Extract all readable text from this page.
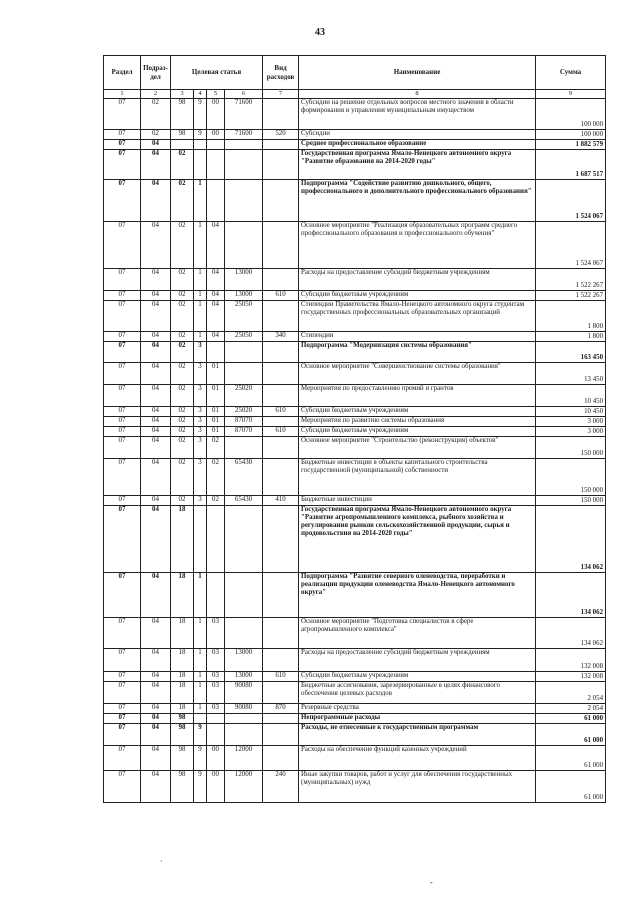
43
Раздел	Подраз-дел	Целевая статья				Вид расходов	Наименование	Сумма
1	2	3	4	5	6	7	8	9
07	02	98	9	00	71600		Субсидии на решение отдельных вопросов местного значения в области формирования и управления муниципальным имуществом	100 000
07	02	98	9	00	71600	520	Субсидии	100 000
07	04						Среднее профессиональное образование	1 882 579
07	04	02					Государственная программа Ямало-Ненецкого автономного округа "Развитие образования на 2014-2020 годы"	1 687 517
07	04	02	1				Подпрограмма "Содействие развитию дошкольного, общего, профессионального и дополнительного профессионального образования"	1 524 067
07	04	02	1	04			Основное мероприятие "Реализация образовательных программ среднего профессионального образования и профессионального обучения"	1 524 067
07	04	02	1	04	13000		Расходы на предоставление субсидий бюджетным учреждениям	1 522 267
07	04	02	1	04	13000	610	Субсидии бюджетным учреждениям	1 522 267
07	04	02	1	04	25050		Стипендии Правительства Ямало-Ненецкого автономного округа студентам государственных профессиональных образовательных организаций	1 800
07	04	02	1	04	25050	340	Стипендии	1 800
07	04	02	3				Подпрограмма "Модернизация системы образования"	163 450
07	04	02	3	01			Основное мероприятие "Совершенствование системы образования"	13 450
07	04	02	3	01	25020		Мероприятия по предоставлению премий и грантов	10 450
07	04	02	3	01	25020	610	Субсидии бюджетным учреждениям	10 450
07	04	02	3	01	87070		Мероприятия по развитию системы образования	3 000
07	04	02	3	01	87070	610	Субсидии бюджетным учреждениям	3 000
07	04	02	3	02			Основное мероприятие "Строительство (реконструкция) объектов"	150 000
07	04	02	3	02	65430		Бюджетные инвестиции в объекты капитального строительства государственной (муниципальной) собственности	150 000
07	04	02	3	02	65430	410	Бюджетные инвестиции	150 000
07	04	18					Государственная программа Ямало-Ненецкого автономного округа "Развитие агропромышленного комплекса, рыбного хозяйства и регулирования рынков сельскохозяйственной продукции, сырья и продовольствия на 2014-2020 годы"	134 062
07	04	18	1				Подпрограмма "Развитие северного оленеводства, переработки и реализации продукции оленеводства Ямало-Ненецкого автономного округа"	134 062
07	04	18	1	03			Основное мероприятие "Подготовка специалистов в сфере агропромышленного комплекса"	134 062
07	04	18	1	03	13000		Расходы на предоставление субсидий бюджетным учреждениям	132 008
07	04	18	1	03	13000	610	Субсидии бюджетным учреждениям	132 008
07	04	18	1	03	90080		Бюджетные ассигнования, зарезервированные в целях финансового обеспечения целевых расходов	2 054
07	04	18	1	03	90080	870	Резервные средства	2 054
07	04	98					Непрограммные расходы	61 000
07	04	98	9				Расходы, не отнесенные к государственным программам	61 000
07	04	98	9	00	12000		Расходы на обеспечение функций казенных учреждений	61 000
07	04	98	9	00	12000	240	Иные закупки товаров, работ и услуг для обеспечения государственных (муниципальных) нужд	61 000
·
-
